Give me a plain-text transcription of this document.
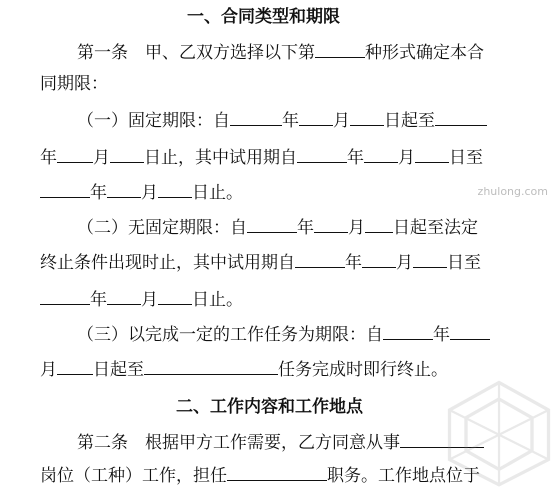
一、合同类型和期限
第一条　甲、乙双方选择以下第	种形式确定本合
同期限：
（一）固定期限：自	年 月 日起至
年 月 日止，其中试用期自	年 月 日至
年 月 日止。
（二）无固定期限：自	年 月 日起至法定
终止条件出现时止，其中试用期自	年 月 日至
年 月 日止。
（三）以完成一定的工作任务为期限：自	年
月 日起至	任务完成时即行终止。
二、工作内容和工作地点
第二条　根据甲方工作需要，乙方同意从事
岗位（工种）工作，担任	职务。工作地点位于
zhulong.com
